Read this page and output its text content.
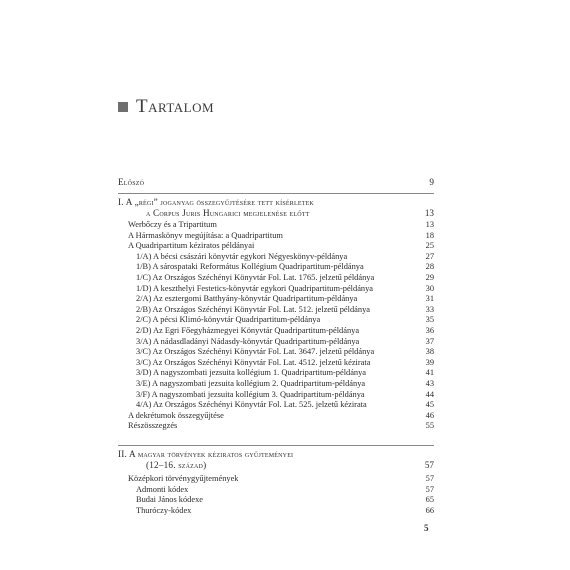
Tartalom
Előszó	9
I. A „régi” joganyag összegyűjtésére tett kísérletek
a Corpus Juris Hungarici megjelenése előtt	13
Werbőczy és a Tripartitum	13
A Hármaskönyv megújítása: a Quadripartitum	18
A Quadripartitum kéziratos példányai	25
1/A) A bécsi császári könyvtár egykori Négyeskönyv-példánya	27
1/B) A sárospataki Református Kollégium Quadripartitum-példánya	28
1/C) Az Országos Széchényi Könyvtár Fol. Lat. 1765. jelzetű példánya	29
1/D) A keszthelyi Festetics-könyvtár egykori Quadripartitum-példánya	30
2/A) Az esztergomi Batthyány-könyvtár Quadripartitum-példánya	31
2/B) Az Országos Széchényi Könyvtár Fol. Lat. 512. jelzetű példánya	33
2/C) A pécsi Klimó-könyvtár Quadripartitum-példánya	35
2/D) Az Egri Főegyházmegyei Könyvtár Quadripartitum-példánya	36
3/A) A nádasdladányi Nádasdy-könyvtár Quadripartitum-példánya	37
3/C) Az Országos Széchényi Könyvtár Fol. Lat. 3647. jelzetű példánya	38
3/C) Az Országos Széchényi Könyvtár Fol. Lat. 4512. jelzetű kézirata	39
3/D) A nagyszombati jezsuita kollégium 1. Quadripartitum-példánya	41
3/E) A nagyszombati jezsuita kollégium 2. Quadripartitum-példánya	43
3/F) A nagyszombati jezsuita kollégium 3. Quadripartitum-példánya	44
4/A) Az Országos Széchényi Könyvtár Fol. Lat. 525. jelzetű kézirata	45
A dekrétumok összegyűjtése	46
Részösszegzés	55
II. A magyar törvények kéziratos gyűjteményei
(12–16. század)	57
Középkori törvénygyűjtemények	57
Admonti kódex	57
Budai János kódexe	65
Thuróczy-kódex	66
5
